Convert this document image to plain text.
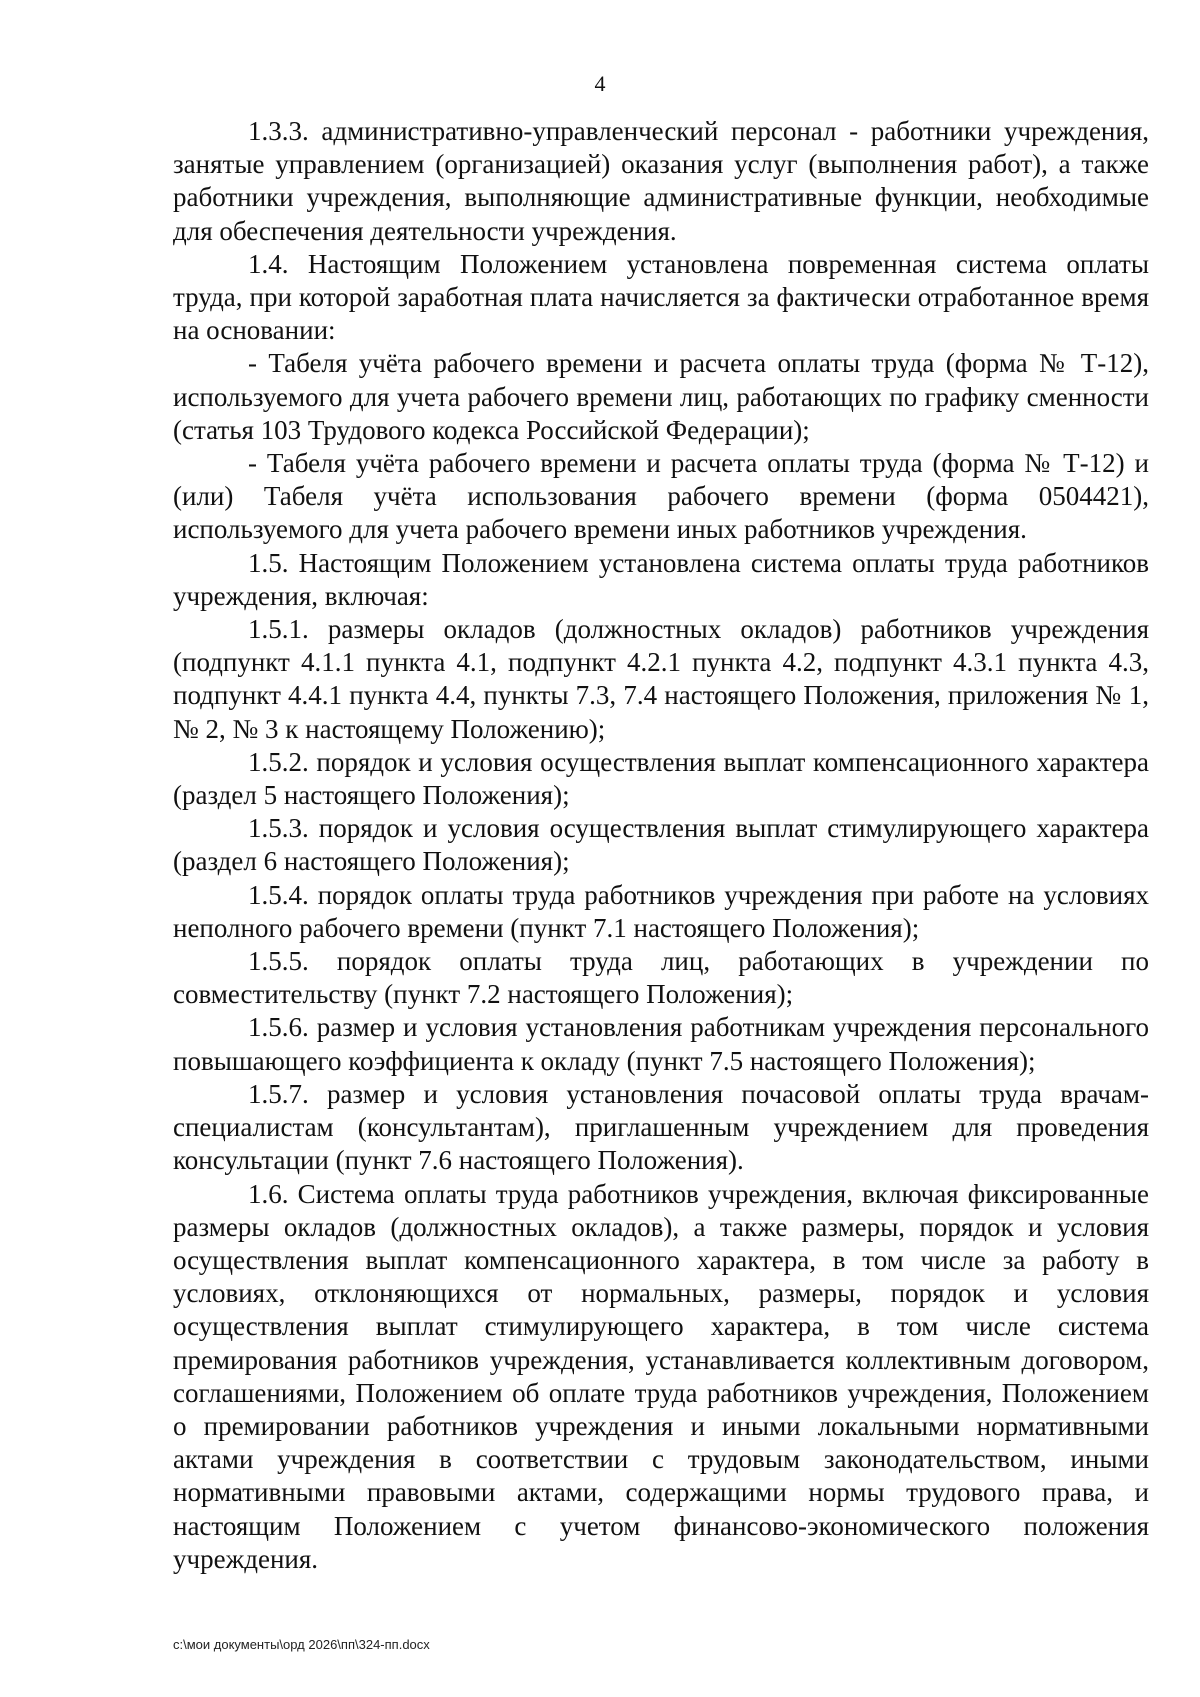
4

1.3.3. административно-управленческий персонал - работники учреждения, занятые управлением (организацией) оказания услуг (выполнения работ), а также работники учреждения, выполняющие административные функции, необходимые для обеспечения деятельности учреждения.

1.4. Настоящим Положением установлена повременная система оплаты труда, при которой заработная плата начисляется за фактически отработанное время на основании:

- Табеля учёта рабочего времени и расчета оплаты труда (форма № Т-12), используемого для учета рабочего времени лиц, работающих по графику сменности (статья 103 Трудового кодекса Российской Федерации);

- Табеля учёта рабочего времени и расчета оплаты труда (форма № Т-12) и (или) Табеля учёта использования рабочего времени (форма 0504421), используемого для учета рабочего времени иных работников учреждения.

1.5. Настоящим Положением установлена система оплаты труда работников учреждения, включая:

1.5.1. размеры окладов (должностных окладов) работников учреждения (подпункт 4.1.1 пункта 4.1, подпункт 4.2.1 пункта 4.2, подпункт 4.3.1 пункта 4.3, подпункт 4.4.1 пункта 4.4, пункты 7.3, 7.4 настоящего Положения, приложения № 1, № 2, № 3 к настоящему Положению);

1.5.2. порядок и условия осуществления выплат компенсационного характера (раздел 5 настоящего Положения);

1.5.3. порядок и условия осуществления выплат стимулирующего характера (раздел 6 настоящего Положения);

1.5.4. порядок оплаты труда работников учреждения при работе на условиях неполного рабочего времени (пункт 7.1 настоящего Положения);

1.5.5. порядок оплаты труда лиц, работающих в учреждении по совместительству (пункт 7.2 настоящего Положения);

1.5.6. размер и условия установления работникам учреждения персонального повышающего коэффициента к окладу (пункт 7.5 настоящего Положения);

1.5.7. размер и условия установления почасовой оплаты труда врачам-специалистам (консультантам), приглашенным учреждением для проведения консультации (пункт 7.6 настоящего Положения).

1.6. Система оплаты труда работников учреждения, включая фиксированные размеры окладов (должностных окладов), а также размеры, порядок и условия осуществления выплат компенсационного характера, в том числе за работу в условиях, отклоняющихся от нормальных, размеры, порядок и условия осуществления выплат стимулирующего характера, в том числе система премирования работников учреждения, устанавливается коллективным договором, соглашениями, Положением об оплате труда работников учреждения, Положением о премировании работников учреждения и иными локальными нормативными актами учреждения в соответствии с трудовым законодательством, иными нормативными правовыми актами, содержащими нормы трудового права, и настоящим Положением с учетом финансово-экономического положения учреждения.

c:\мои документы\орд 2026\пп\324-пп.docx
